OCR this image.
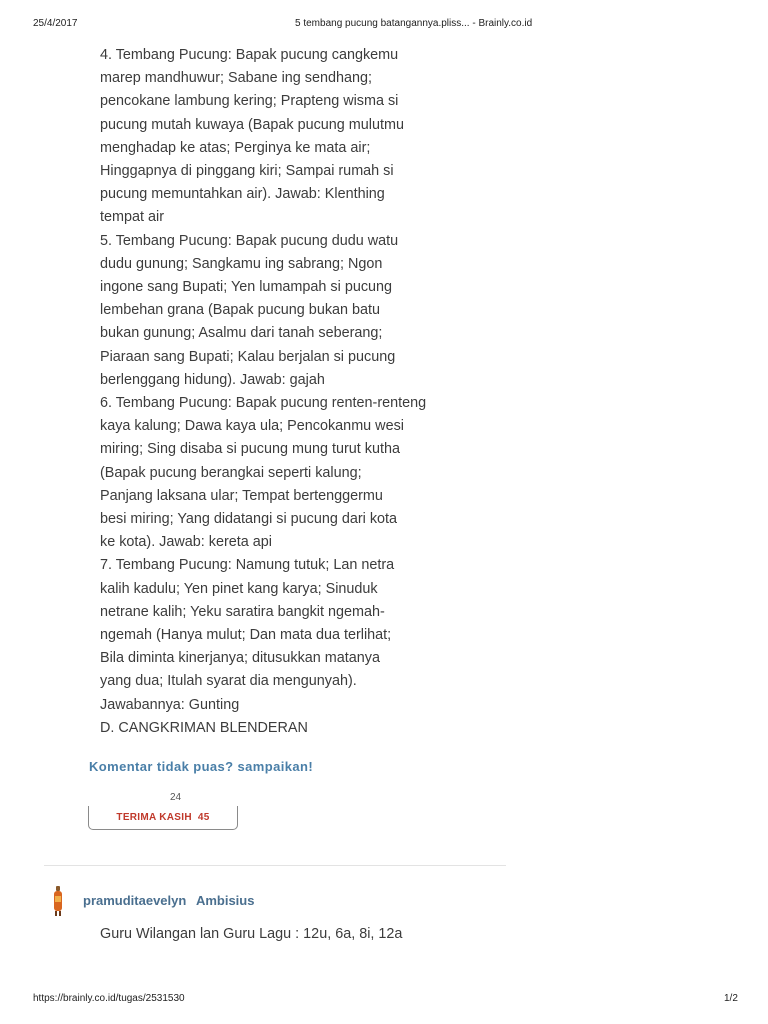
25/4/2017	5 tembang pucung batangannya.pliss... - Brainly.co.id
4. Tembang Pucung: Bapak pucung cangkemu
marep mandhuwur; Sabane ing sendhang;
pencokane lambung kering; Prapteng wisma si
pucung mutah kuwaya (Bapak pucung mulutmu
menghadap ke atas; Perginya ke mata air;
Hinggapnya di pinggang kiri; Sampai rumah si
pucung memuntahkan air). Jawab: Klenthing
tempat air
5. Tembang Pucung: Bapak pucung dudu watu
dudu gunung; Sangkamu ing sabrang; Ngon
ingone sang Bupati; Yen lumampah si pucung
lembehan grana (Bapak pucung bukan batu
bukan gunung; Asalmu dari tanah seberang;
Piaraan sang Bupati; Kalau berjalan si pucung
berlenggang hidung). Jawab: gajah
6. Tembang Pucung: Bapak pucung renten-renteng
kaya kalung; Dawa kaya ula; Pencokanmu wesi
miring; Sing disaba si pucung mung turut kutha
(Bapak pucung berangkai seperti kalung;
Panjang laksana ular; Tempat bertenggermu
besi miring; Yang didatangi si pucung dari kota
ke kota). Jawab: kereta api
7. Tembang Pucung: Namung tutuk; Lan netra
kalih kadulu; Yen pinet kang karya; Sinuduk
netrane kalih; Yeku saratira bangkit ngemah-
ngemah (Hanya mulut; Dan mata dua terlihat;
Bila diminta kinerjanya; ditusukkan matanya
yang dua; Itulah syarat dia mengunyah).
Jawabannya: Gunting
D. CANGKRIMAN BLENDERAN
Komentar tidak puas? sampaikan!
24
TERIMA KASIH 45
pramuditaevelyn Ambisius
Guru Wilangan lan Guru Lagu : 12u, 6a, 8i, 12a
https://brainly.co.id/tugas/2531530	1/2
